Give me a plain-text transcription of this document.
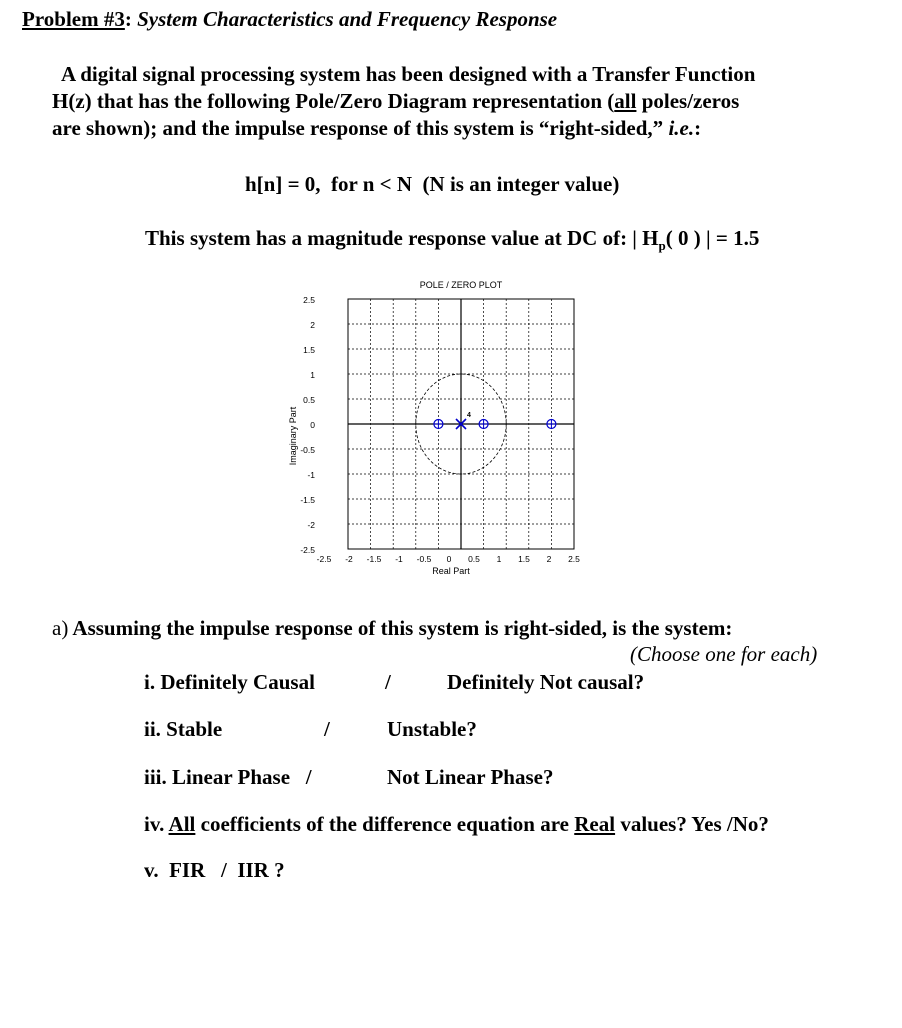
Problem #3: System Characteristics and Frequency Response
A digital signal processing system has been designed with a Transfer Function
H(z) that has the following Pole/Zero Diagram representation (all poles/zeros
are shown); and the impulse response of this system is “right-sided,” i.e.:
h[n] = 0,  for n < N  (N is an integer value)
This system has a magnitude response value at DC of: | $H_p$( 0 ) | = 1.5
POLE / ZERO PLOT
Real Part
Imaginary Part
-2.5 -2 -1.5 -1 -0.5 0 0.5 1 1.5 2 2.5
2.5
2
1.5
1
0.5
0
-0.5
-1
-1.5
-2
-2.5
4
a) Assuming the impulse response of this system is right-sided, is the system:
(Choose one for each)
i. Definitely Causal	/	Definitely Not causal?
ii. Stable	/	Unstable?
iii. Linear Phase   /	Not Linear Phase?
iv. All coefficients of the difference equation are Real values? Yes /No?
v.  FIR   /  IIR ?
